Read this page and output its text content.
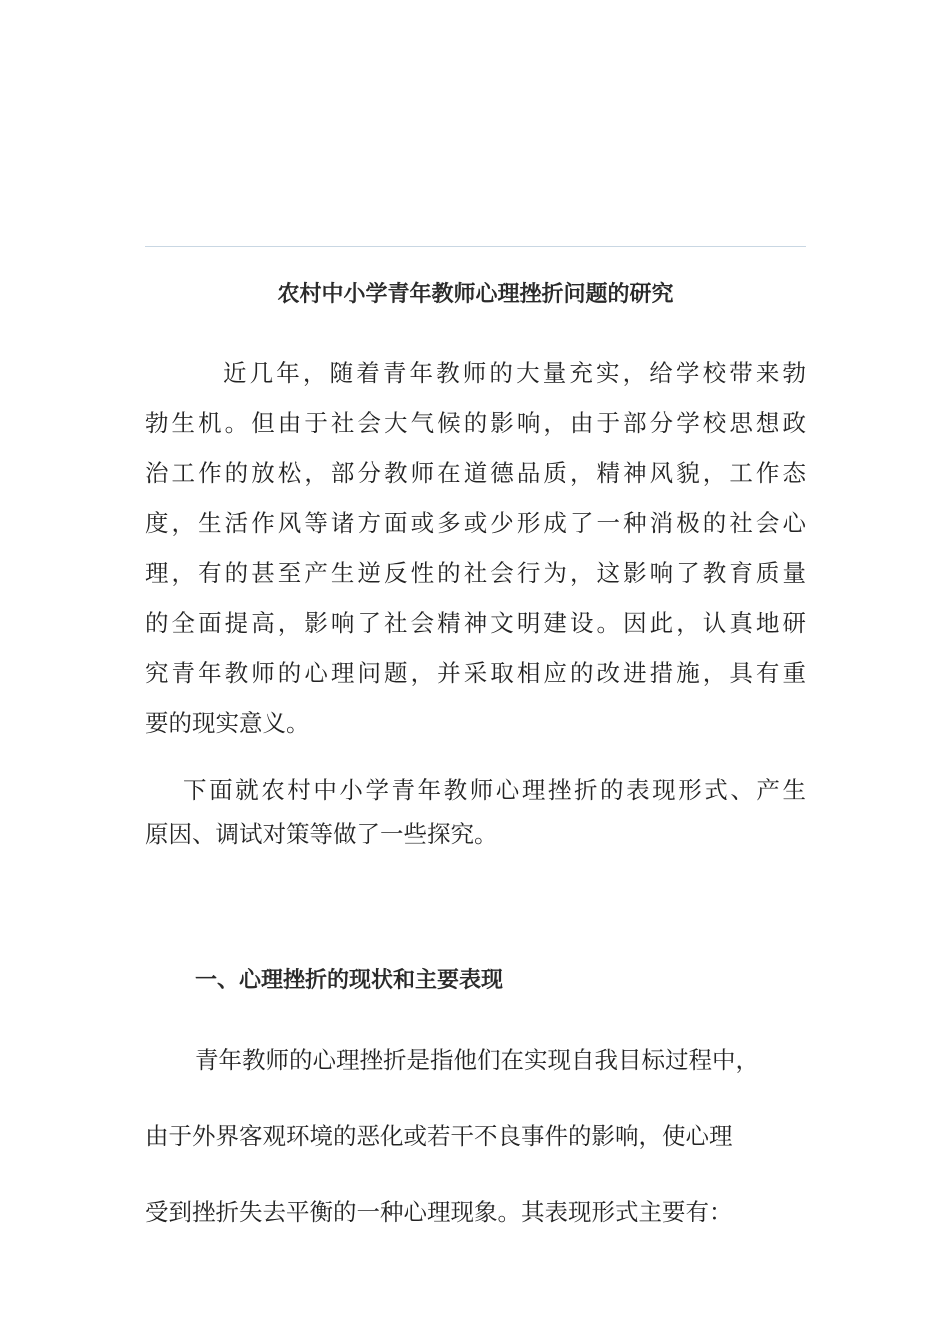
农村中小学青年教师心理挫折问题的研究
近几年，随着青年教师的大量充实，给学校带来勃
勃生机。但由于社会大气候的影响，由于部分学校思想政
治工作的放松，部分教师在道德品质，精神风貌，工作态
度，生活作风等诸方面或多或少形成了一种消极的社会心
理，有的甚至产生逆反性的社会行为，这影响了教育质量
的全面提高，影响了社会精神文明建设。因此，认真地研
究青年教师的心理问题，并采取相应的改进措施，具有重
要的现实意义。
下面就农村中小学青年教师心理挫折的表现形式、产生
原因、调试对策等做了一些探究。
一、心理挫折的现状和主要表现
青年教师的心理挫折是指他们在实现自我目标过程中，
由于外界客观环境的恶化或若干不良事件的影响，使心理
受到挫折失去平衡的一种心理现象。其表现形式主要有：
